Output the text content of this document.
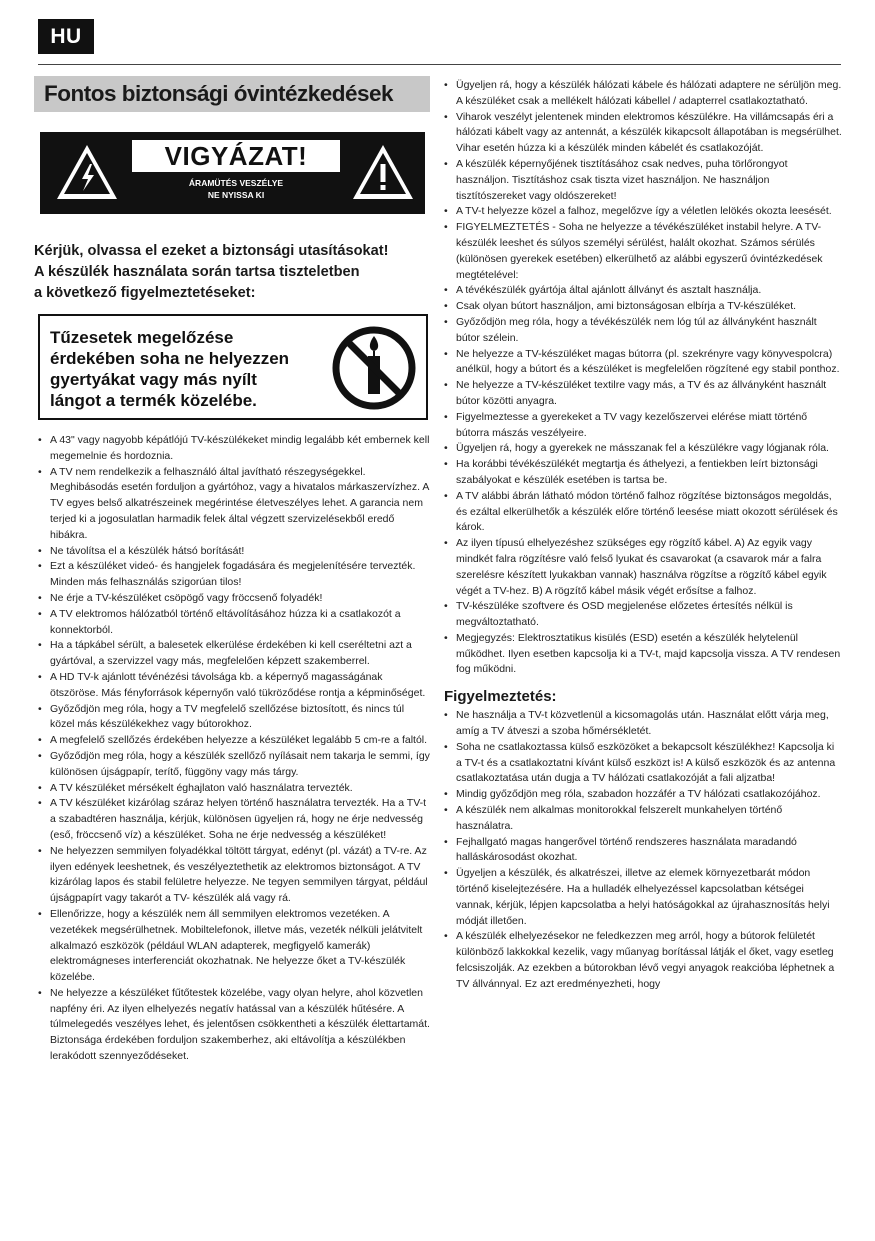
HU
Fontos biztonsági óvintézkedések
VIGYÁZAT!
ÁRAMÜTÉS VESZÉLYE
NE NYISSA KI
Kérjük, olvassa el ezeket a biztonsági utasításokat!
A készülék használata során tartsa tiszteletben
a következő figyelmeztetéseket:
Tűzesetek megelőzése
érdekében soha ne helyezzen
gyertyákat vagy más nyílt
lángot a termék közelébe.
• A 43" vagy nagyobb képátlójú TV-készülékeket mindig legalább két embernek kell megemelnie és hordoznia.
• A TV nem rendelkezik a felhasználó által javítható részegységekkel. Meghibásodás esetén forduljon a gyártóhoz, vagy a hivatalos márkaszervízhez. A TV egyes belső alkatrészeinek megérintése életveszélyes lehet. A garancia nem terjed ki a jogosulatlan harmadik felek által végzett szervizelésekből eredő hibákra.
• Ne távolítsa el a készülék hátsó borítását!
• Ezt a készüléket videó- és hangjelek fogadására és megjelenítésére tervezték. Minden más felhasználás szigorúan tilos!
• Ne érje a TV-készüléket csöpögő vagy fröccsenő folyadék!
• A TV elektromos hálózatból történő eltávolításához húzza ki a csatlakozót a konnektorból.
• Ha a tápkábel sérült, a balesetek elkerülése érdekében ki kell cseréltetni azt a gyártóval, a szervizzel vagy más, megfelelően képzett szakemberrel.
• A HD TV-k ajánlott tévénézési távolsága kb. a képernyő magasságának ötszöröse. Más fényforrások képernyőn való tükröződése rontja a képminőséget.
• Győződjön meg róla, hogy a TV megfelelő szellőzése biztosított, és nincs túl közel más készülékekhez vagy bútorokhoz.
• A megfelelő szellőzés érdekében helyezze a készüléket legalább 5 cm-re a faltól.
• Győződjön meg róla, hogy a készülék szellőző nyílásait nem takarja le semmi, így különösen újságpapír, terítő, függöny vagy más tárgy.
• A TV készüléket mérsékelt éghajlaton való használatra tervezték.
• A TV készüléket kizárólag száraz helyen történő használatra tervezték. Ha a TV-t a szabadtéren használja, kérjük, különösen ügyeljen rá, hogy ne érje nedvesség (eső, fröccsenő víz) a készüléket. Soha ne érje nedvesség a készüléket!
• Ne helyezzen semmilyen folyadékkal töltött tárgyat, edényt (pl. vázát) a TV-re. Az ilyen edények leeshetnek, és veszélyeztethetik az elektromos biztonságot. A TV kizárólag lapos és stabil felületre helyezze. Ne tegyen semmilyen tárgyat, például újságpapírt vagy takarót a TV- készülék alá vagy rá.
• Ellenőrizze, hogy a készülék nem áll semmilyen elektromos vezetéken. A vezetékek megsérülhetnek. Mobiltelefonok, illetve más, vezeték nélküli jelátvitelt alkalmazó eszközök (például WLAN adapterek, megfigyelő kamerák) elektromágneses interferenciát okozhatnak. Ne helyezze őket a TV-készülék közelébe.
• Ne helyezze a készüléket fűtőtestek közelébe, vagy olyan helyre, ahol közvetlen napfény éri. Az ilyen elhelyezés negatív hatással van a készülék hűtésére. A túlmelegedés veszélyes lehet, és jelentősen csökkentheti a készülék élettartamát. Biztonsága érdekében forduljon szakemberhez, aki eltávolítja a készülékben lerakódott szennyeződéseket.
• Ügyeljen rá, hogy a készülék hálózati kábele és hálózati adaptere ne sérüljön meg. A készüléket csak a mellékelt hálózati kábellel / adapterrel csatlakoztatható.
• Viharok veszélyt jelentenek minden elektromos készülékre. Ha villámcsapás éri a hálózati kábelt vagy az antennát, a készülék kikapcsolt állapotában is megsérülhet. Vihar esetén húzza ki a készülék minden kábelét és csatlakozóját.
• A készülék képernyőjének tisztításához csak nedves, puha törlőrongyot használjon. Tisztításhoz csak tiszta vizet használjon. Ne használjon tisztítószereket vagy oldószereket!
• A TV-t helyezze közel a falhoz, megelőzve így a véletlen lelökés okozta leesését.
• FIGYELMEZTETÉS - Soha ne helyezze a tévékészüléket instabil helyre. A TV-készülék leeshet és súlyos személyi sérülést, halált okozhat. Számos sérülés (különösen gyerekek esetében) elkerülhető az alábbi egyszerű óvintézkedések megtételével:
• A tévékészülék gyártója által ajánlott állványt és asztalt használja.
• Csak olyan bútort használjon, ami biztonságosan elbírja a TV-készüléket.
• Győződjön meg róla, hogy a tévékészülék nem lóg túl az állványként használt bútor szélein.
• Ne helyezze a TV-készüléket magas bútorra (pl. szekrényre vagy könyvespolcra) anélkül, hogy a bútort és a készüléket is megfelelően rögzítené egy stabil ponthoz.
• Ne helyezze a TV-készüléket textilre vagy más, a TV és az állványként használt bútor közötti anyagra.
• Figyelmeztesse a gyerekeket a TV vagy kezelőszervei elérése miatt történő bútorra mászás veszélyeire.
• Ügyeljen rá, hogy a gyerekek ne másszanak fel a készülékre vagy lógjanak róla.
• Ha korábbi tévékészülékét megtartja és áthelyezi, a fentiekben leírt biztonsági szabályokat e készülék esetében is tartsa be.
• A TV alábbi ábrán látható módon történő falhoz rögzítése biztonságos megoldás, és ezáltal elkerülhetők a készülék előre történő leesése miatt okozott sérülések és károk.
• Az ilyen típusú elhelyezéshez szükséges egy rögzítő kábel. A) Az egyik vagy mindkét falra rögzítésre való felső lyukat és csavarokat (a csavarok már a falra szerelésre készített lyukakban vannak) használva rögzítse a rögzítő kábel egyik végét a TV-hez. B) A rögzítő kábel másik végét erősítse a falhoz.
• TV-készüléke szoftvere és OSD megjelenése előzetes értesítés nélkül is megváltoztatható.
• Megjegyzés: Elektrosztatikus kisülés (ESD) esetén a készülék helytelenül működhet. Ilyen esetben kapcsolja ki a TV-t, majd kapcsolja vissza. A TV rendesen fog működni.
Figyelmeztetés:
• Ne használja a TV-t közvetlenül a kicsomagolás után. Használat előtt várja meg, amíg a TV átveszi a szoba hőmérsékletét.
• Soha ne csatlakoztassa külső eszközöket a bekapcsolt készülékhez! Kapcsolja ki a TV-t és a csatlakoztatni kívánt külső eszközt is! A külső eszközök és az antenna csatlakoztatása után dugja a TV hálózati csatlakozóját a fali aljzatba!
• Mindig győződjön meg róla, szabadon hozzáfér a TV hálózati csatlakozójához.
• A készülék nem alkalmas monitorokkal felszerelt munkahelyen történő használatra.
• Fejhallgató magas hangerővel történő rendszeres használata maradandó halláskárosodást okozhat.
• Ügyeljen a készülék, és alkatrészei, illetve az elemek környezetbarát módon történő kiselejtezésére. Ha a hulladék elhelyezéssel kapcsolatban kétségei vannak, kérjük, lépjen kapcsolatba a helyi hatóságokkal az újrahasznosítás helyi módját illetően.
• A készülék elhelyezésekor ne feledkezzen meg arról, hogy a bútorok felületét különböző lakkokkal kezelik, vagy műanyag borítással látják el őket, vagy esetleg felcsiszolják. Az ezekben a bútorokban lévő vegyi anyagok reakcióba léphetnek a TV állvánnyal. Ez azt eredményezheti, hogy
